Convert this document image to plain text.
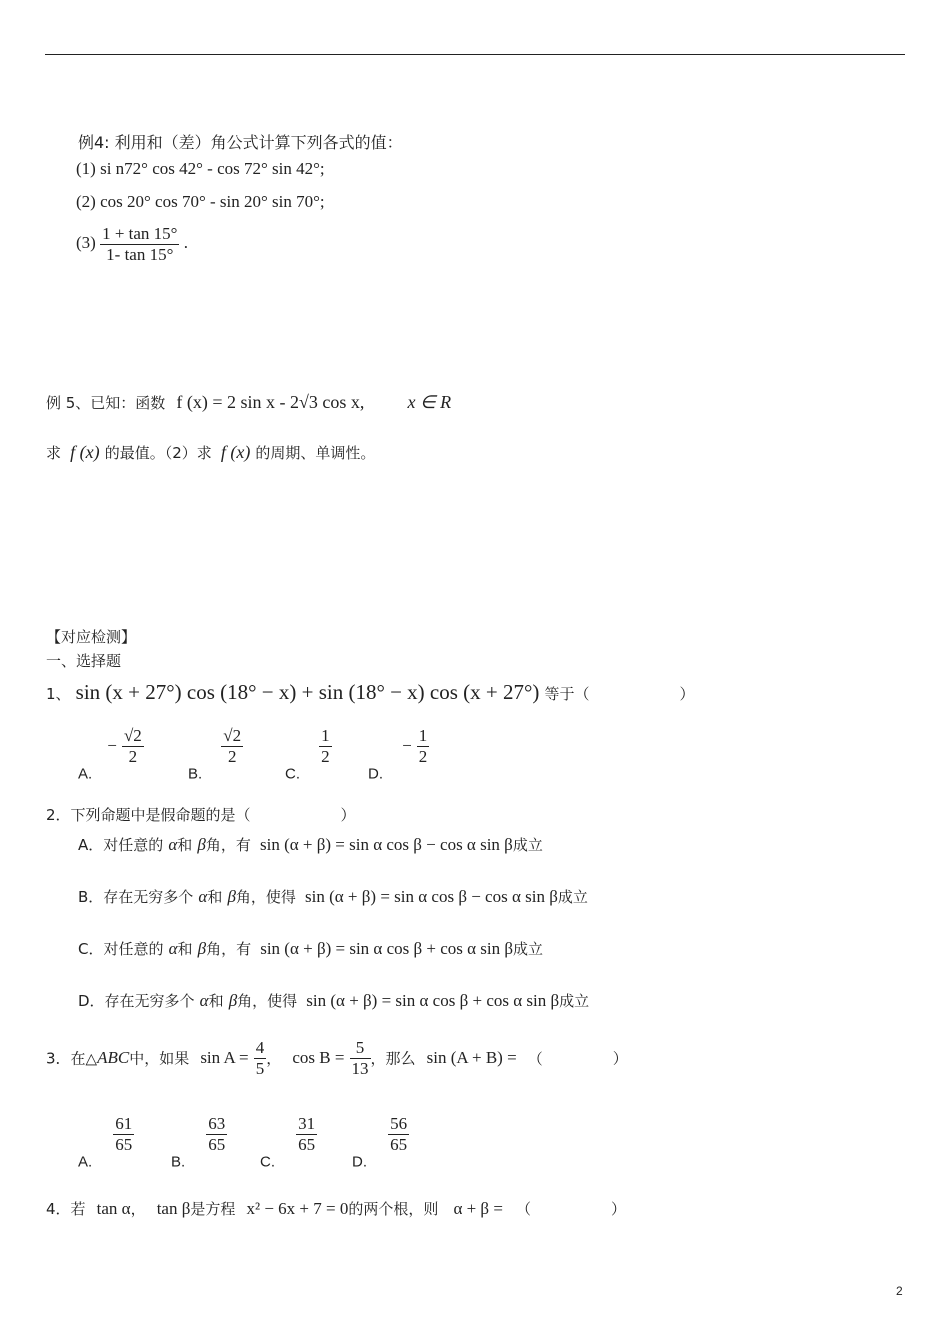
例4: 利用和（差）角公式计算下列各式的值：
(1) si n72° cos 42° - cos 72° sin 42°;
(2) cos 20° cos 70° - sin 20° sin 70°;
$(3) \frac{1 + \tan 15^\circ}{1- \tan 15^\circ}$ .
例 5、已知：函数 f (x) = 2 sin x - 2√3 cos x, x ∈ R
求 f (x) 的最值。（2）求 f (x) 的周期、单调性。
【对应检测】
一、选择题
1、 sin (x + 27°) cos (18° − x) + sin (18° − x) cos (x + 27°) 等于（	）
A. − $\frac{√2}{2}$
B.
$\frac{√2}{2}$
C.
$\frac{1}{2}$
D. − $\frac{1}{2}$
2．下列命题中是假命题的是（	）
A．对任意的 α和 β角，有 sin (α + β) = sin α cos β − cos α sin β成立
B．存在无穷多个 α和 β角，使得 sin (α + β) = sin α cos β − cos α sin β成立
C．对任意的 α和 β角，有 sin (α + β) = sin α cos β + cos α sin β成立
D．存在无穷多个 α和 β角，使得 sin (α + β) = sin α cos β + cos α sin β成立
3．在△ABC中，如果 $\sin A = \frac{4}{5}$ ， $\cos B = \frac{5}{13}$ ，那么 sin (A + B) = （	）
A.
$\frac{61}{65}$
B.
$\frac{63}{65}$
C.
$\frac{31}{65}$
D.
$\frac{56}{65}$
4．若 tan α， tan β是方程 x² − 6x + 7 = 0的两个根，则 α + β = （	）
2
